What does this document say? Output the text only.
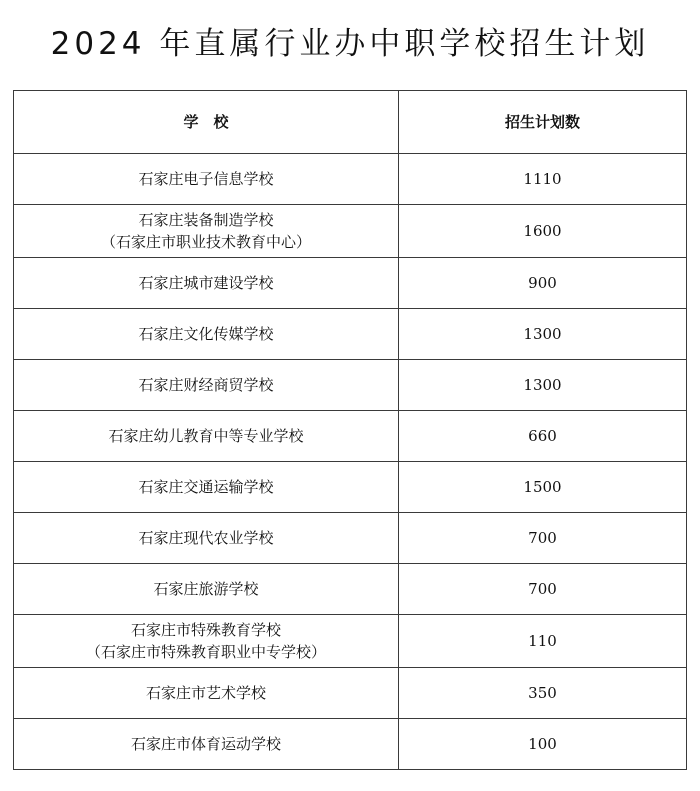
2024 年直属行业办中职学校招生计划
学　校	招生计划数

石家庄电子信息学校	1110

石家庄装备制造学校
（石家庄市职业技术教育中心）	1600

石家庄城市建设学校	900

石家庄文化传媒学校	1300

石家庄财经商贸学校	1300

石家庄幼儿教育中等专业学校	660

石家庄交通运输学校	1500

石家庄现代农业学校	700

石家庄旅游学校	700

石家庄市特殊教育学校
（石家庄市特殊教育职业中专学校）	110

石家庄市艺术学校	350

石家庄市体育运动学校	100
